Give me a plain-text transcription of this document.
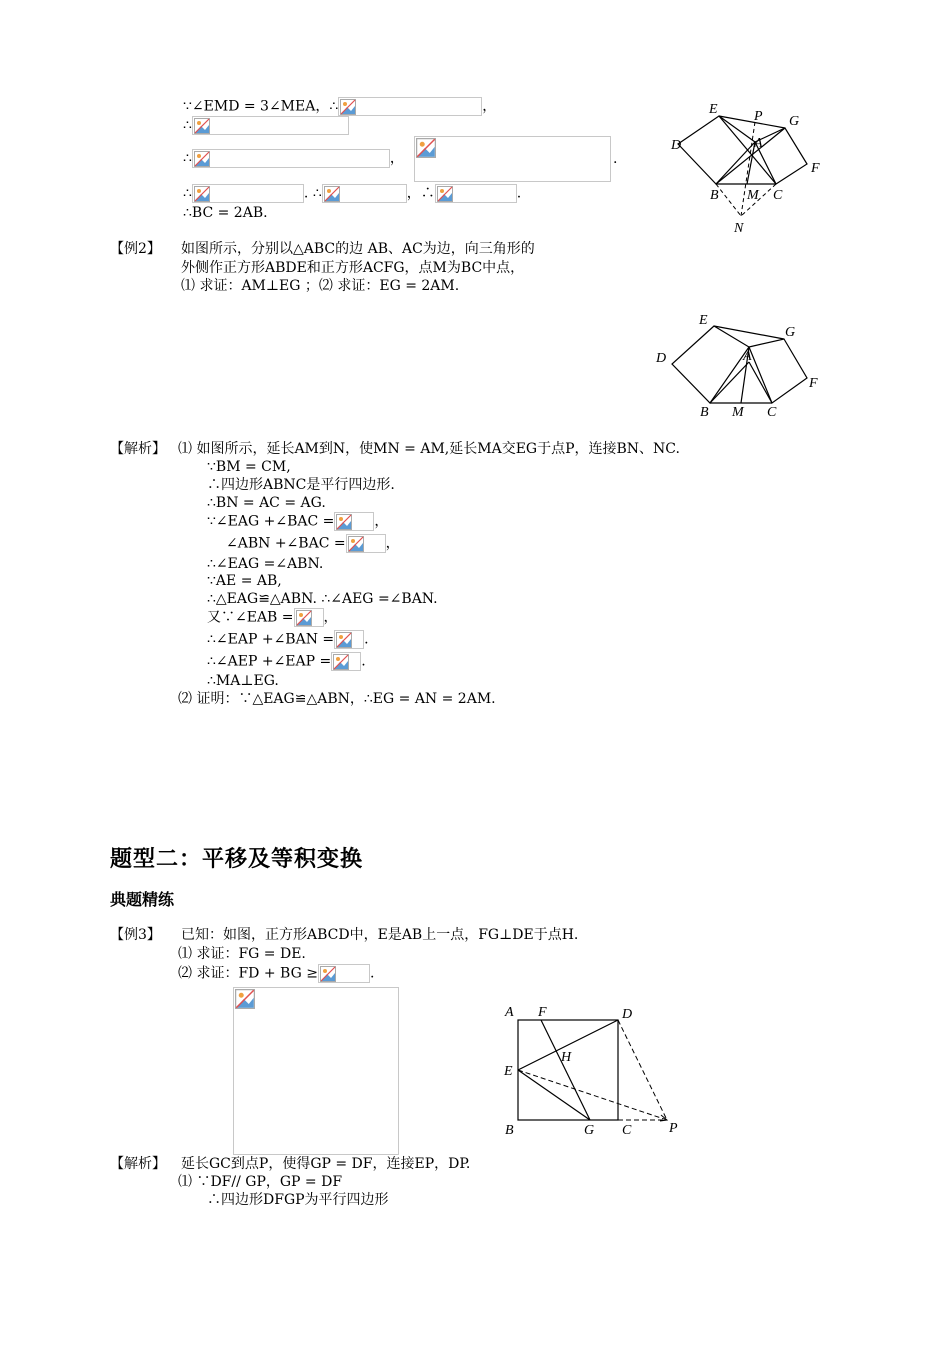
∵∠EMD = 3∠MEA，∴	，
∴
∴	，	.
∴	. ∴	，∴	.
∴BC = 2AB.
E	P G
D	A
F
B M C
N
【例2】 如图所示，分别以△ABC的边 AB、AC为边，向三角形的
外侧作正方形ABDE和正方形ACFG，点M为BC中点，
⑴ 求证：AM⊥EG ；⑵ 求证：EG = 2AM.
E
G
D	A
F
B M C
【解析】 ⑴ 如图所示，延长AM到N，使MN = AM,延长MA交EG于点P，连接BN、NC.
∵BM = CM,
∴四边形ABNC是平行四边形.
∴BN = AC = AG.
∵∠EAG +∠BAC =	，
∠ABN +∠BAC =	，
∴∠EAG =∠ABN.
∵AE = AB,
∴△EAG≌△ABN. ∴∠AEG =∠BAN.
又∵∠EAB = ，
∴∠EAP +∠BAN = .
∴∠AEP +∠EAP = .
∴MA⊥EG.
⑵ 证明：∵△EAG≌△ABN，∴EG = AN = 2AM.
题型二：平移及等积变换
典题精练
【例3】 已知：如图，正方形ABCD中，E是AB上一点，FG⊥DE于点H.
⑴ 求证：FG = DE.
⑵ 求证：FD + BG ≥	.
A F	D
H
E
B	G C	P
【解析】 延长GC到点P，使得GP = DF，连接EP，DP.
⑴ ∵DF// GP，GP = DF
∴四边形DFGP为平行四边形
